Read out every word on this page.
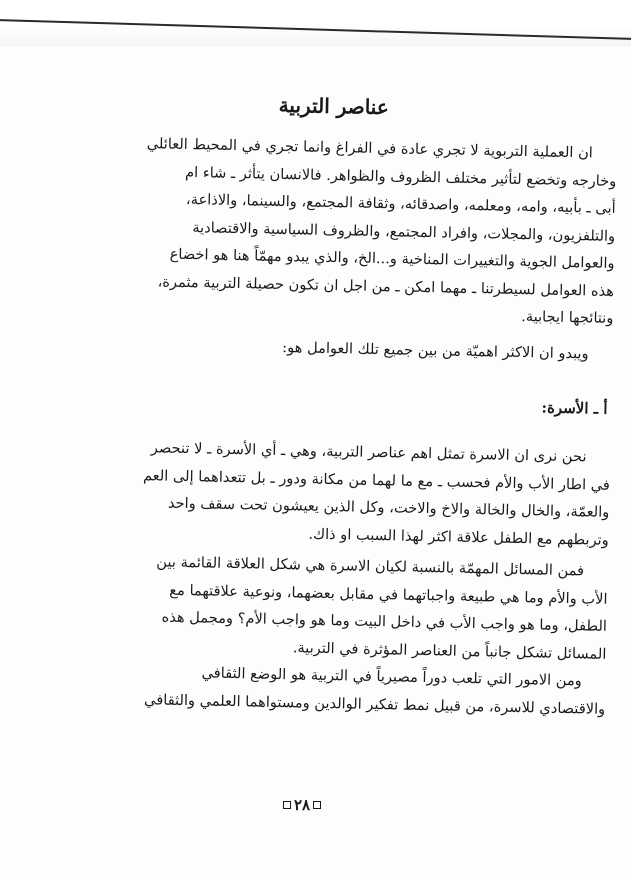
عناصر التربية

ان العملية التربوية لا تجري عادة في الفراغ وانما تجري في المحيط العائلي
وخارجه وتخضع لتأثير مختلف الظروف والظواهر. فالانسان يتأثر ـ شاء ام
أبى ـ بأبيه، وامه، ومعلمه، واصدقائه، وثقافة المجتمع، والسينما، والاذاعة،
والتلفزيون، والمجلات، وافراد المجتمع، والظروف السياسية والاقتصادية
والعوامل الجوية والتغييرات المناخية و...الخ، والذي يبدو مهمّاً هنا هو اخضاع
هذه العوامل لسيطرتنا ـ مهما امكن ـ من اجل ان تكون حصيلة التربية مثمرة،
ونتائجها ايجابية.

ويبدو ان الاكثر اهميّة من بين جميع تلك العوامل هو:

أ ـ الأسرة:

نحن نرى ان الاسرة تمثل اهم عناصر التربية، وهي ـ أي الأسرة ـ لا تنحصر
في اطار الأب والأم فحسب ـ مع ما لهما من مكانة ودور ـ بل تتعداهما إلى العم
والعمّة، والخال والخالة والاخ والاخت، وكل الذين يعيشون تحت سقف واحد
وتربطهم مع الطفل علاقة اكثر لهذا السبب او ذاك.

فمن المسائل المهمّة بالنسبة لكيان الاسرة هي شكل العلاقة القائمة بين
الأب والأم وما هي طبيعة واجباتهما في مقابل بعضهما، ونوعية علاقتهما مع
الطفل، وما هو واجب الأب في داخل البيت وما هو واجب الأم؟ ومجمل هذه
المسائل تشكل جانباً من العناصر المؤثرة في التربية.

ومن الامور التي تلعب دوراً مصيرياً في التربية هو الوضع الثقافي
والاقتصادي للاسرة، من قبيل نمط تفكير الوالدين ومستواهما العلمي والثقافي

٢٨
